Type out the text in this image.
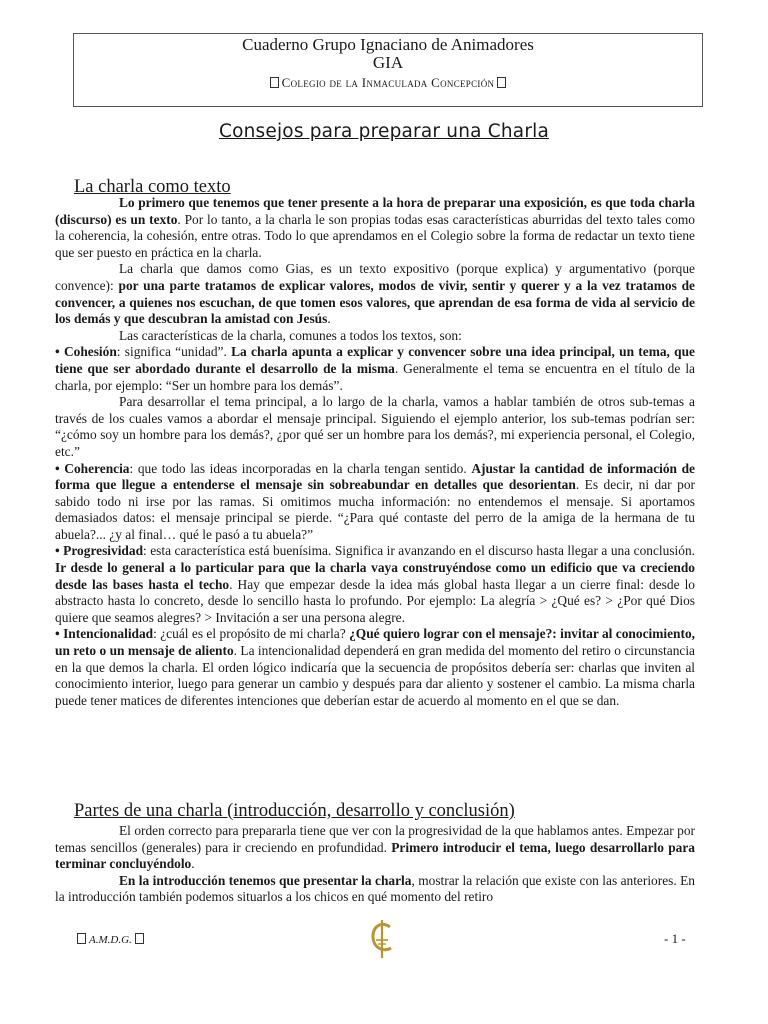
Cuaderno Grupo Ignaciano de Animadores
GIA
Colegio de la Inmaculada Concepción
Consejos para preparar una Charla
La charla como texto

Lo primero que tenemos que tener presente a la hora de preparar una exposición, es que toda charla (discurso) es un texto. Por lo tanto, a la charla le son propias todas esas características aburridas del texto tales como la coherencia, la cohesión, entre otras. Todo lo que aprendamos en el Colegio sobre la forma de redactar un texto tiene que ser puesto en práctica en la charla.

La charla que damos como Gias, es un texto expositivo (porque explica) y argumentativo (porque convence): por una parte tratamos de explicar valores, modos de vivir, sentir y querer y a la vez tratamos de convencer, a quienes nos escuchan, de que tomen esos valores, que aprendan de esa forma de vida al servicio de los demás y que descubran la amistad con Jesús.

Las características de la charla, comunes a todos los textos, son:

• Cohesión: significa “unidad”. La charla apunta a explicar y convencer sobre una idea principal, un tema, que tiene que ser abordado durante el desarrollo de la misma. Generalmente el tema se encuentra en el título de la charla, por ejemplo: “Ser un hombre para los demás”.

Para desarrollar el tema principal, a lo largo de la charla, vamos a hablar también de otros sub-temas a través de los cuales vamos a abordar el mensaje principal. Siguiendo el ejemplo anterior, los sub-temas podrían ser: “¿cómo soy un hombre para los demás?, ¿por qué ser un hombre para los demás?, mi experiencia personal, el Colegio, etc.”

• Coherencia: que todo las ideas incorporadas en la charla tengan sentido. Ajustar la cantidad de información de forma que llegue a entenderse el mensaje sin sobreabundar en detalles que desorientan. Es decir, ni dar por sabido todo ni irse por las ramas. Si omitimos mucha información: no entendemos el mensaje. Si aportamos demasiados datos: el mensaje principal se pierde. “¿Para qué contaste del perro de la amiga de la hermana de tu abuela?... ¿y al final… qué le pasó a tu abuela?”

• Progresividad: esta característica está buenísima. Significa ir avanzando en el discurso hasta llegar a una conclusión. Ir desde lo general a lo particular para que la charla vaya construyéndose como un edificio que va creciendo desde las bases hasta el techo. Hay que empezar desde la idea más global hasta llegar a un cierre final: desde lo abstracto hasta lo concreto, desde lo sencillo hasta lo profundo. Por ejemplo: La alegría > ¿Qué es? > ¿Por qué Dios quiere que seamos alegres? > Invitación a ser una persona alegre.

• Intencionalidad: ¿cuál es el propósito de mi charla? ¿Qué quiero lograr con el mensaje?: invitar al conocimiento, un reto o un mensaje de aliento. La intencionalidad dependerá en gran medida del momento del retiro o circunstancia en la que demos la charla. El orden lógico indicaría que la secuencia de propósitos debería ser: charlas que inviten al conocimiento interior, luego para generar un cambio y después para dar aliento y sostener el cambio. La misma charla puede tener matices de diferentes intenciones que deberían estar de acuerdo al momento en el que se dan.

Partes de una charla (introducción, desarrollo y conclusión)

El orden correcto para prepararla tiene que ver con la progresividad de la que hablamos antes. Empezar por temas sencillos (generales) para ir creciendo en profundidad. Primero introducir el tema, luego desarrollarlo para terminar concluyéndolo.

En la introducción tenemos que presentar la charla, mostrar la relación que existe con las anteriores. En la introducción también podemos situarlos a los chicos en qué momento del retiro

A.M.D.G.	- 1 -
